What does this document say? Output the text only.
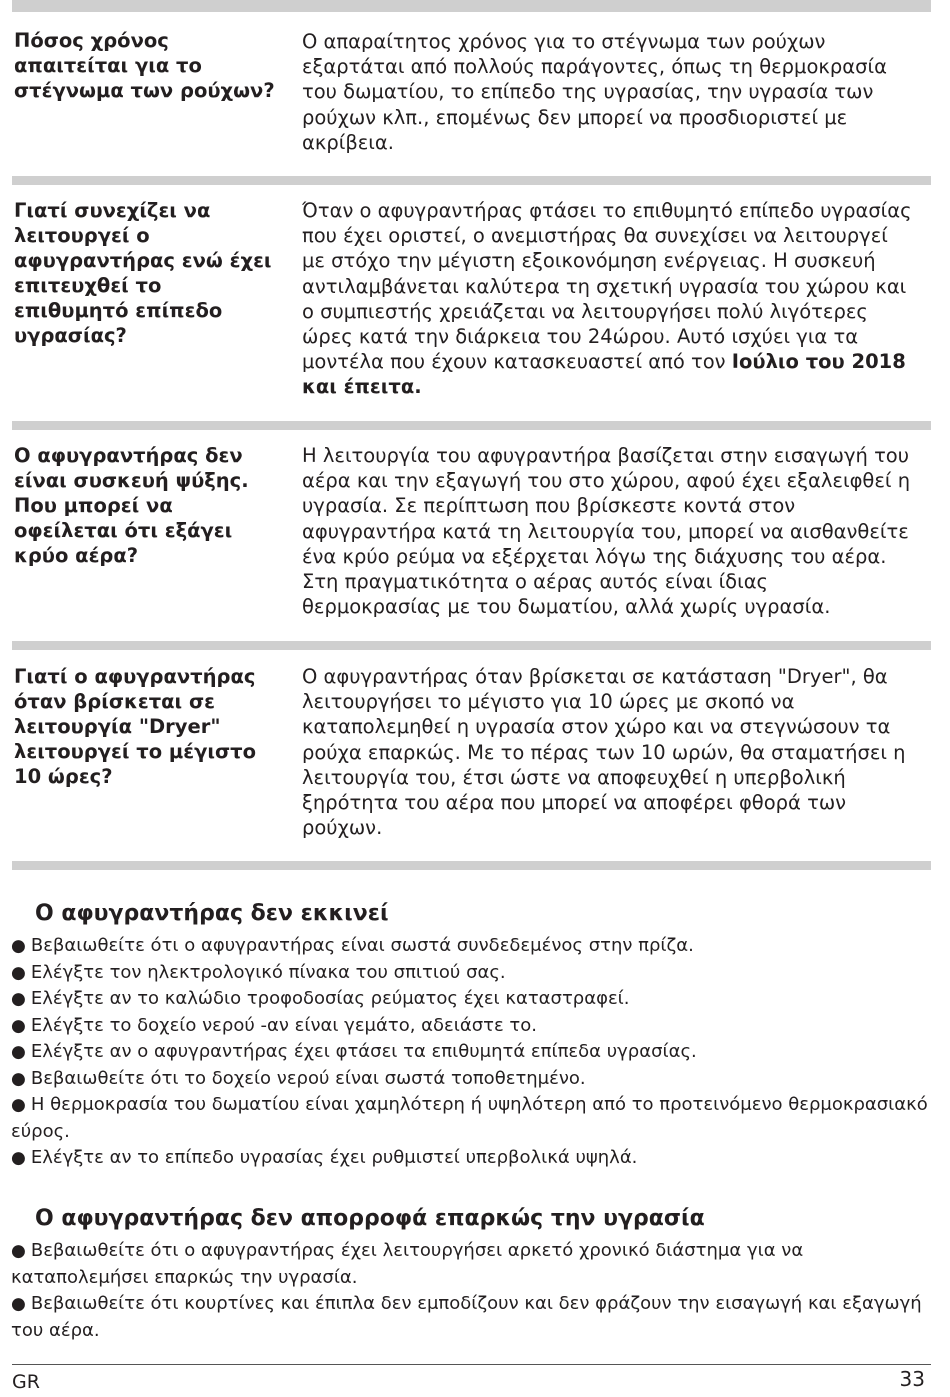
Πόσος χρόνος απαιτείται για το στέγνωμα των ρούχων?

Ο απαραίτητος χρόνος για το στέγνωμα των ρούχων εξαρτάται από πολλούς παράγοντες, όπως τη θερμοκρασία του δωματίου, το επίπεδο της υγρασίας, την υγρασία των ρούχων κλπ., επομένως δεν μπορεί να προσδιοριστεί με ακρίβεια.

Γιατί συνεχίζει να λειτουργεί ο αφυγραντήρας ενώ έχει επιτευχθεί το επιθυμητό επίπεδο υγρασίας?

Όταν ο αφυγραντήρας φτάσει το επιθυμητό επίπεδο υγρασίας που έχει οριστεί, ο ανεμιστήρας θα συνεχίσει να λειτουργεί με στόχο την μέγιστη εξοικονόμηση ενέργειας. Η συσκευή αντιλαμβάνεται καλύτερα τη σχετική υγρασία του χώρου και ο συμπιεστής χρειάζεται να λειτουργήσει πολύ λιγότερες ώρες κατά την διάρκεια του 24ώρου. Αυτό ισχύει για τα μοντέλα που έχουν κατασκευαστεί από τον Ιούλιο του 2018 και έπειτα.

Ο αφυγραντήρας δεν είναι συσκευή ψύξης. Που μπορεί να οφείλεται ότι εξάγει κρύο αέρα?

Η λειτουργία του αφυγραντήρα βασίζεται στην εισαγωγή του αέρα και την εξαγωγή του στο χώρου, αφού έχει εξαλειφθεί η υγρασία. Σε περίπτωση που βρίσκεστε κοντά στον αφυγραντήρα κατά τη λειτουργία του, μπορεί να αισθανθείτε ένα κρύο ρεύμα να εξέρχεται λόγω της διάχυσης του αέρα. Στη πραγματικότητα ο αέρας αυτός είναι ίδιας θερμοκρασίας με του δωματίου, αλλά χωρίς υγρασία.

Γιατί ο αφυγραντήρας όταν βρίσκεται σε λειτουργία "Dryer" λειτουργεί το μέγιστο 10 ώρες?

Ο αφυγραντήρας όταν βρίσκεται σε κατάσταση "Dryer", θα λειτουργήσει το μέγιστο για 10 ώρες με σκοπό να καταπολεμηθεί η υγρασία στον χώρο και να στεγνώσουν τα ρούχα επαρκώς. Με το πέρας των 10 ωρών, θα σταματήσει η λειτουργία του, έτσι ώστε να αποφευχθεί η υπερβολική ξηρότητα του αέρα που μπορεί να αποφέρει φθορά των ρούχων.

Ο αφυγραντήρας δεν εκκινεί
● Βεβαιωθείτε ότι ο αφυγραντήρας είναι σωστά συνδεδεμένος στην πρίζα.
● Ελέγξτε τον ηλεκτρολογικό πίνακα του σπιτιού σας.
● Ελέγξτε αν το καλώδιο τροφοδοσίας ρεύματος έχει καταστραφεί.
● Ελέγξτε το δοχείο νερού -αν είναι γεμάτο, αδειάστε το.
● Ελέγξτε αν ο αφυγραντήρας έχει φτάσει τα επιθυμητά επίπεδα υγρασίας.
● Βεβαιωθείτε ότι το δοχείο νερού είναι σωστά τοποθετημένο.
● Η θερμοκρασία του δωματίου είναι χαμηλότερη ή υψηλότερη από το προτεινόμενο θερμοκρασιακό εύρος.
● Ελέγξτε αν το επίπεδο υγρασίας έχει ρυθμιστεί υπερβολικά υψηλά.
Ο αφυγραντήρας δεν απορροφά επαρκώς την υγρασία
● Βεβαιωθείτε ότι ο αφυγραντήρας έχει λειτουργήσει αρκετό χρονικό διάστημα για να καταπολεμήσει επαρκώς την υγρασία.
● Βεβαιωθείτε ότι κουρτίνες και έπιπλα δεν εμποδίζουν και δεν φράζουν την εισαγωγή και εξαγωγή του αέρα.
GR	33
